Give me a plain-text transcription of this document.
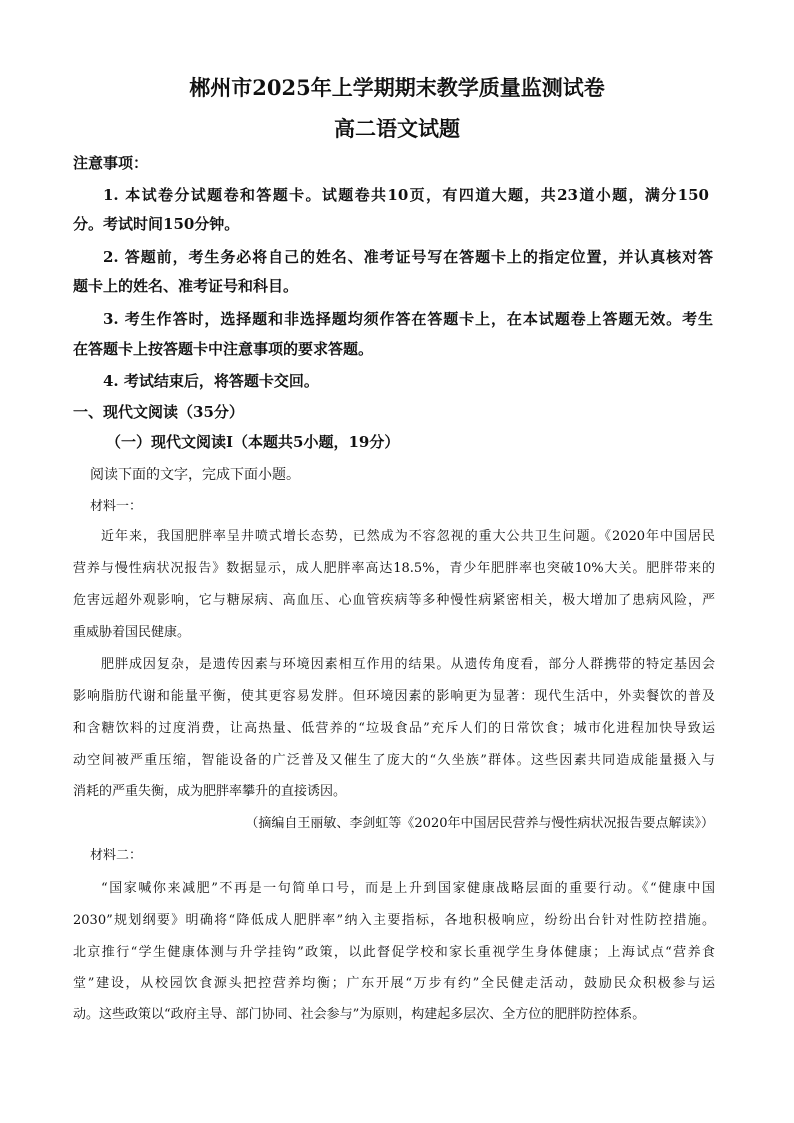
郴州市2025年上学期期末教学质量监测试卷
高二语文试题
注意事项：
1. 本试卷分试题卷和答题卡。试题卷共10页，有四道大题，共23道小题，满分150
分。考试时间150分钟。
2. 答题前，考生务必将自己的姓名、准考证号写在答题卡上的指定位置，并认真核对答
题卡上的姓名、准考证号和科目。
3. 考生作答时，选择题和非选择题均须作答在答题卡上，在本试题卷上答题无效。考生
在答题卡上按答题卡中注意事项的要求答题。
4. 考试结束后，将答题卡交回。
一、现代文阅读（35分）
（一）现代文阅读Ⅰ（本题共5小题，19分）
阅读下面的文字，完成下面小题。
材料一：
近年来，我国肥胖率呈井喷式增长态势，已然成为不容忽视的重大公共卫生问题。《2020年中国居民
营养与慢性病状况报告》数据显示，成人肥胖率高达18.5%，青少年肥胖率也突破10%大关。肥胖带来的
危害远超外观影响，它与糖尿病、高血压、心血管疾病等多种慢性病紧密相关，极大增加了患病风险，严
重威胁着国民健康。
肥胖成因复杂，是遗传因素与环境因素相互作用的结果。从遗传角度看，部分人群携带的特定基因会
影响脂肪代谢和能量平衡，使其更容易发胖。但环境因素的影响更为显著：现代生活中，外卖餐饮的普及
和含糖饮料的过度消费，让高热量、低营养的“垃圾食品”充斥人们的日常饮食；城市化进程加快导致运
动空间被严重压缩，智能设备的广泛普及又催生了庞大的“久坐族”群体。这些因素共同造成能量摄入与
消耗的严重失衡，成为肥胖率攀升的直接诱因。
（摘编自王丽敏、李剑虹等《2020年中国居民营养与慢性病状况报告要点解读》）
材料二：
“国家喊你来减肥”不再是一句简单口号，而是上升到国家健康战略层面的重要行动。《“健康中国
2030”规划纲要》明确将“降低成人肥胖率”纳入主要指标，各地积极响应，纷纷出台针对性防控措施。
北京推行“学生健康体测与升学挂钩”政策，以此督促学校和家长重视学生身体健康；上海试点“营养食
堂”建设，从校园饮食源头把控营养均衡；广东开展“万步有约”全民健走活动，鼓励民众积极参与运
动。这些政策以“政府主导、部门协同、社会参与”为原则，构建起多层次、全方位的肥胖防控体系。
